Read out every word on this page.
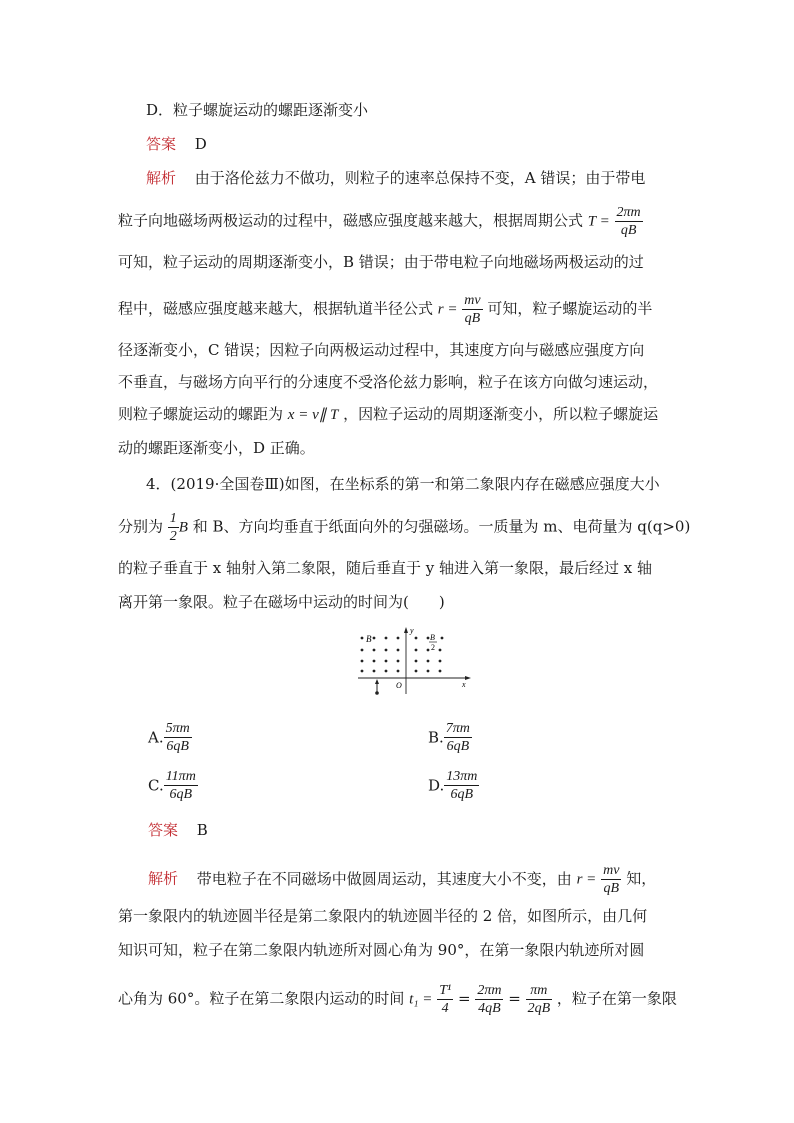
D．粒子螺旋运动的螺距逐渐变小
答案 D
解析 由于洛伦兹力不做功，则粒子的速率总保持不变，A 错误；由于带电
粒子向地磁场两极运动的过程中，磁感应强度越来越大，根据周期公式 $T = \frac{2\pi m}{qB}$
可知，粒子运动的周期逐渐变小，B 错误；由于带电粒子向地磁场两极运动的过
程中，磁感应强度越来越大，根据轨道半径公式 $r = \frac{mv}{qB}$ 可知，粒子螺旋运动的半
径逐渐变小，C 错误；因粒子向两极运动过程中，其速度方向与磁感应强度方向
不垂直，与磁场方向平行的分速度不受洛伦兹力影响，粒子在该方向做匀速运动，
则粒子螺旋运动的螺距为 x = v∥ T ，因粒子运动的周期逐渐变小，所以粒子螺旋运
动的螺距逐渐变小，D 正确。
4．(2019·全国卷Ⅲ)如图，在坐标系的第一和第二象限内存在磁感应强度大小
分别为 $\frac{1}{2}$ B 和 B、方向均垂直于纸面向外的匀强磁场。一质量为 m、电荷量为 q(q>0)
的粒子垂直于 x 轴射入第二象限，随后垂直于 y 轴进入第一象限，最后经过 x 轴
离开第一象限。粒子在磁场中运动的时间为(　　)
B	B
2
y
x
O
A. $\frac{5\pi m}{6qB}$	B. $\frac{7\pi m}{6qB}$
C. $\frac{11\pi m}{6qB}$	D. $\frac{13\pi m}{6qB}$
答案 B
解析 带电粒子在不同磁场中做圆周运动，其速度大小不变，由 $r = \frac{mv}{qB}$ 知，
第一象限内的轨迹圆半径是第二象限内的轨迹圆半径的 2 倍，如图所示，由几何
知识可知，粒子在第二象限内轨迹所对圆心角为 90°，在第一象限内轨迹所对圆
心角为 60°。粒子在第二象限内运动的时间 $t_1 = \frac{\text{T¹}}{4} = \frac{2\pi m}{4qB} = \frac{\pi m}{2qB}$ ，粒子在第一象限
